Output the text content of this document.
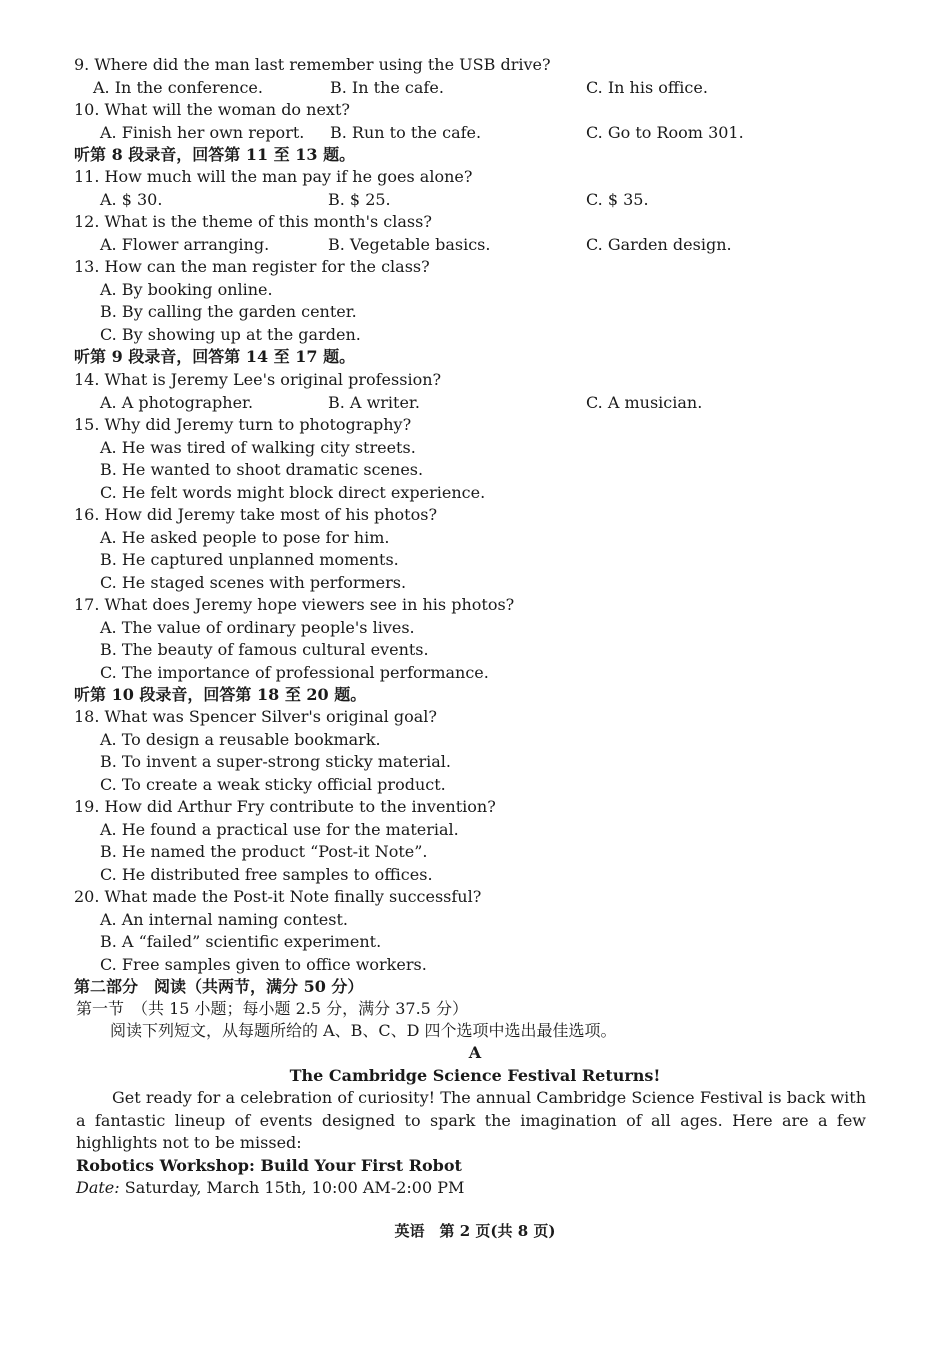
9. Where did the man last remember using the USB drive?
A. In the conference.	B. In the cafe.	C. In his office.
10. What will the woman do next?
A. Finish her own report. B. Run to the cafe.	C. Go to Room 301.
听第 8 段录音，回答第 11 至 13 题。
11. How much will the man pay if he goes alone?
A. $ 30.	B. $ 25.	C. $ 35.
12. What is the theme of this month's class?
A. Flower arranging.	B. Vegetable basics.	C. Garden design.
13. How can the man register for the class?
A. By booking online.
B. By calling the garden center.
C. By showing up at the garden.
听第 9 段录音，回答第 14 至 17 题。
14. What is Jeremy Lee's original profession?
A. A photographer.	B. A writer.	C. A musician.
15. Why did Jeremy turn to photography?
A. He was tired of walking city streets.
B. He wanted to shoot dramatic scenes.
C. He felt words might block direct experience.
16. How did Jeremy take most of his photos?
A. He asked people to pose for him.
B. He captured unplanned moments.
C. He staged scenes with performers.
17. What does Jeremy hope viewers see in his photos?
A. The value of ordinary people's lives.
B. The beauty of famous cultural events.
C. The importance of professional performance.
听第 10 段录音，回答第 18 至 20 题。
18. What was Spencer Silver's original goal?
A. To design a reusable bookmark.
B. To invent a super-strong sticky material.
C. To create a weak sticky official product.
19. How did Arthur Fry contribute to the invention?
A. He found a practical use for the material.
B. He named the product “Post-it Note”.
C. He distributed free samples to offices.
20. What made the Post-it Note finally successful?
A. An internal naming contest.
B. A “failed” scientific experiment.
C. Free samples given to office workers.
第二部分　阅读（共两节，满分 50 分）
第一节　（共 15 小题；每小题 2.5 分，满分 37.5 分）
阅读下列短文，从每题所给的 A、B、C、D 四个选项中选出最佳选项。
A
The Cambridge Science Festival Returns!
Get ready for a celebration of curiosity! The annual Cambridge Science Festival is back with a fantastic lineup of events designed to spark the imagination of all ages. Here are a few highlights not to be missed:
Robotics Workshop: Build Your First Robot
Date: Saturday, March 15th, 10:00 AM-2:00 PM
英语　第 2 页(共 8 页)
